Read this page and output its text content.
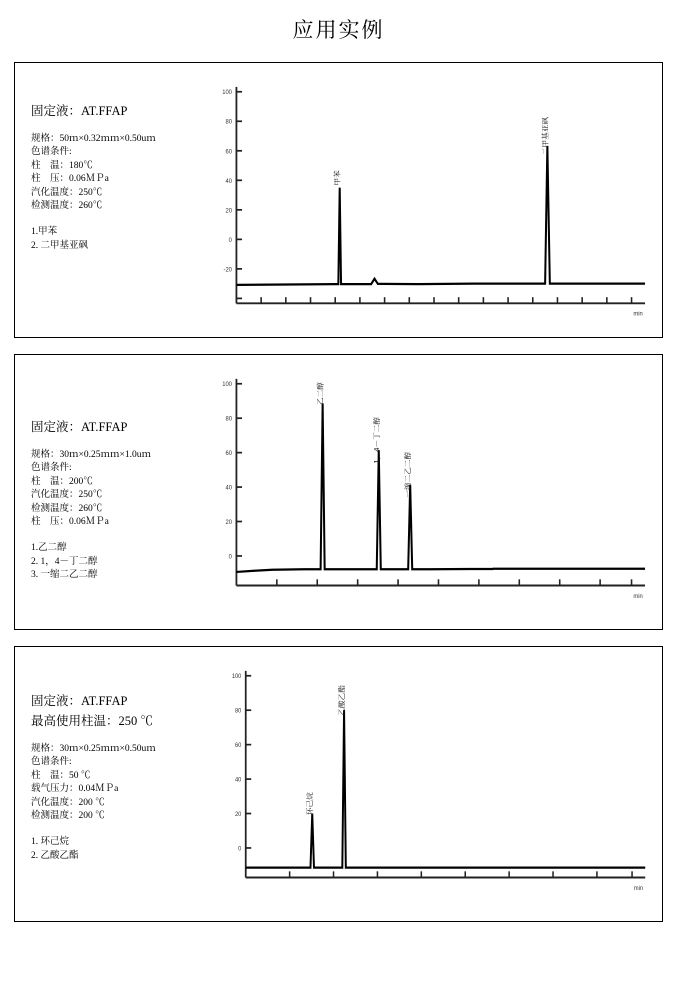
应用实例
固定液：AT.FFAP
规格：50ｍ×0.32ｍｍ×0.50uｍ
色谱条件:
柱　温：180℃
柱　压：0.06ＭＰa
汽化温度：250℃
检测温度：260℃
1.甲苯
2. 二甲基亚砜
100
80
60
40
20
0
-20
min
甲苯
二甲基亚砜
固定液：AT.FFAP
规格：30ｍ×0.25ｍｍ×1.0uｍ
色谱条件:
柱　温：200℃
汽化温度：250℃
检测温度：260℃
柱　压：0.06ＭＰa
1.乙二醇
2. 1，4－丁二醇
3. 一缩二乙二醇
100
80
60
40
20
0
min
乙二醇
1，4－丁二醇
一缩二乙二醇
固定液：AT.FFAP
最高使用柱温：250 ℃
规格：30ｍ×0.25ｍｍ×0.50uｍ
色谱条件:
柱　温：50 ℃
载气压力：0.04ＭＰa
汽化温度：200 ℃
检测温度：200 ℃
1. 环己烷
2. 乙酸乙酯
100
80
60
40
20
0
min
环己烷
乙酸乙酯
